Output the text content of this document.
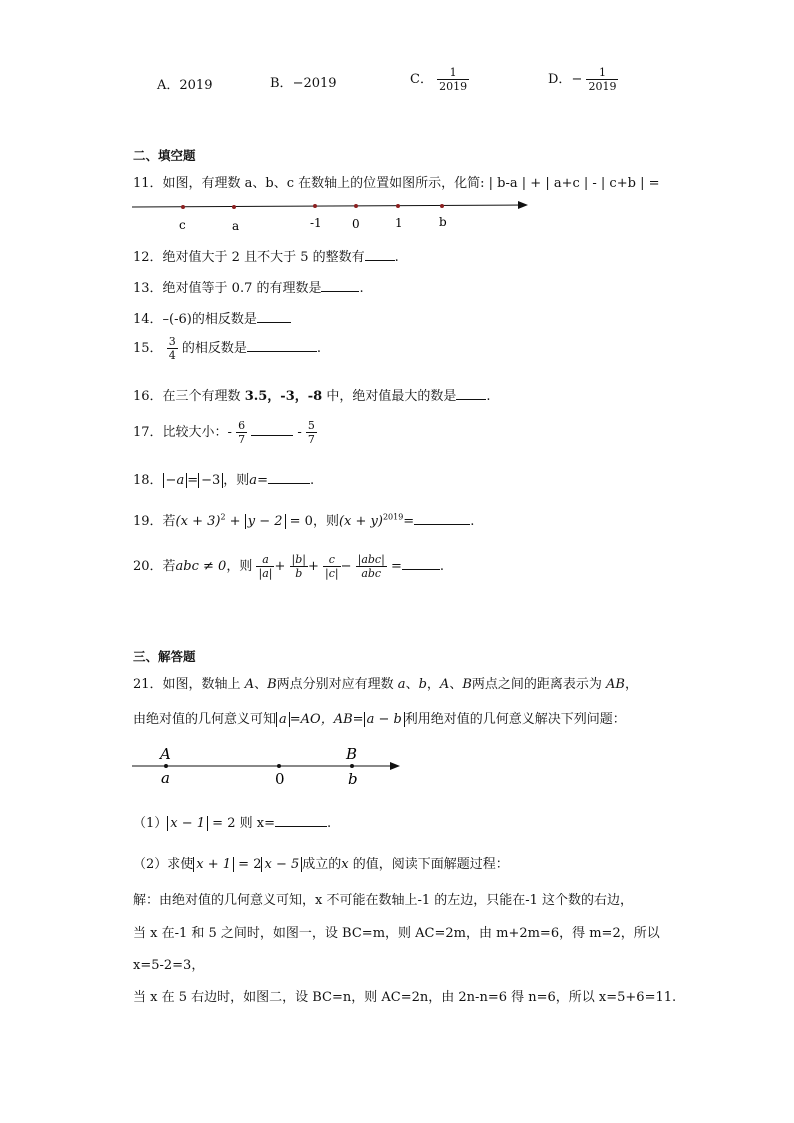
A．2019	B．−2019	C． $\frac{1}{2019}$	D．− $\frac{1}{2019}$
二、填空题
11．如图，有理数 a、b、c 在数轴上的位置如图所示，化简: | b-a | + | a+c | - | c+b | =
c	a	-1	0	1	b
12．绝对值大于 2 且不大于 5 的整数有 .
13．绝对值等于 0.7 的有理数是	.
14．–(-6)的相反数是
15． $\frac{3}{4}$ 的相反数是	.
16．在三个有理数 3.5，-3，-8 中，绝对值最大的数是 .
17．比较大小：- $\frac{6}{7}$	- $\frac{5}{7}$
18． −a = −3 ，则a=	.
19．若$(x + 3)^2 + y - 2 = 0$，则$(x + y)^{2019}=$	.
20．若abc ≠ 0，则 $\frac{a}{|a|} + \frac{|b|}{b} + \frac{c}{|c|} - \frac{\text{|abc|}}{\text{abc}}$ =	.
三、解答题
21．如图，数轴上 A、B两点分别对应有理数 a、b，A、B两点之间的距离表示为 AB，
由绝对值的几何意义可知 a =AO，AB= a − b 利用绝对值的几何意义解决下列问题：
A
a	0
B
b
（1） x − 1 = 2 则 x=	.
（2）求使 x + 1 = 2 x − 5 成立的x 的值，阅读下面解题过程：
解：由绝对值的几何意义可知，x 不可能在数轴上-1 的左边，只能在-1 这个数的右边，
当 x 在-1 和 5 之间时，如图一，设 BC=m，则 AC=2m，由 m+2m=6，得 m=2，所以
x=5-2=3，
当 x 在 5 右边时，如图二，设 BC=n，则 AC=2n，由 2n-n=6 得 n=6，所以 x=5+6=11.
